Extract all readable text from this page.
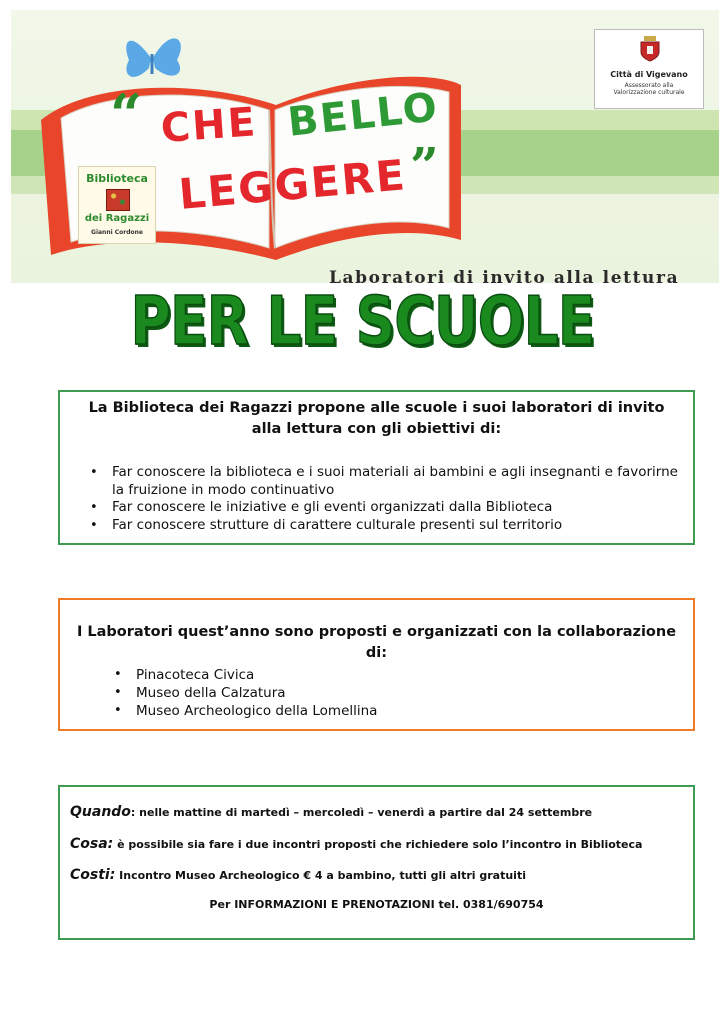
“ CHE BELLO
LEGGERE ”
Biblioteca
dei Ragazzi
Gianni Cordone
Città di Vigevano
Assessorato alla
Valorizzazione culturale
Laboratori di invito alla lettura
PER LE SCUOLE
La Biblioteca dei Ragazzi propone alle scuole i suoi laboratori di invito alla lettura con gli obiettivi di:
• Far conoscere la biblioteca e i suoi materiali ai bambini e agli insegnanti e favorirne la fruizione in modo continuativo
• Far conoscere le iniziative e gli eventi organizzati dalla Biblioteca
• Far conoscere strutture di carattere culturale presenti sul territorio
I Laboratori quest’anno sono proposti e organizzati con la collaborazione di:
• Pinacoteca Civica
• Museo della Calzatura
• Museo Archeologico della Lomellina
Quando: nelle mattine di martedì – mercoledì – venerdì a partire dal 24 settembre
Cosa: è possibile sia fare i due incontri proposti che richiedere solo l’incontro in Biblioteca
Costi: Incontro Museo Archeologico € 4 a bambino, tutti gli altri gratuiti
Per INFORMAZIONI E PRENOTAZIONI tel. 0381/690754
